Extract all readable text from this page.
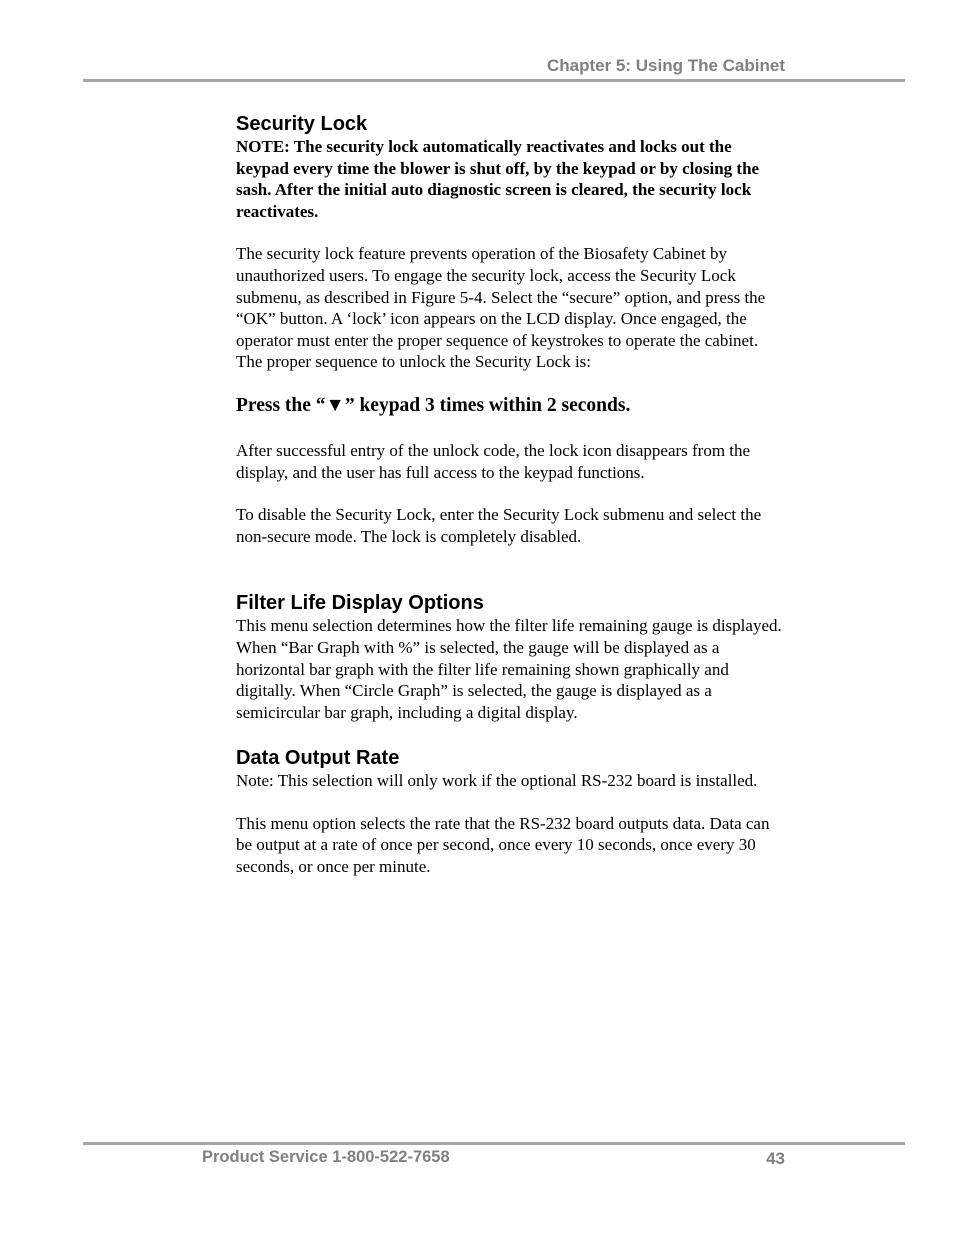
Chapter 5: Using The Cabinet
Security Lock

NOTE: The security lock automatically reactivates and locks out the keypad every time the blower is shut off, by the keypad or by closing the sash. After the initial auto diagnostic screen is cleared, the security lock reactivates.

The security lock feature prevents operation of the Biosafety Cabinet by unauthorized users. To engage the security lock, access the Security Lock submenu, as described in Figure 5-4. Select the “secure” option, and press the “OK” button. A ‘lock’ icon appears on the LCD display. Once engaged, the operator must enter the proper sequence of keystrokes to operate the cabinet. The proper sequence to unlock the Security Lock is:

Press the “▼” keypad 3 times within 2 seconds.

After successful entry of the unlock code, the lock icon disappears from the display, and the user has full access to the keypad functions.

To disable the Security Lock, enter the Security Lock submenu and select the non-secure mode. The lock is completely disabled.

Filter Life Display Options

This menu selection determines how the filter life remaining gauge is displayed. When “Bar Graph with %” is selected, the gauge will be displayed as a horizontal bar graph with the filter life remaining shown graphically and digitally. When “Circle Graph” is selected, the gauge is displayed as a semicircular bar graph, including a digital display.

Data Output Rate

Note: This selection will only work if the optional RS-232 board is installed.

This menu option selects the rate that the RS-232 board outputs data. Data can be output at a rate of once per second, once every 10 seconds, once every 30 seconds, or once per minute.

Product Service 1-800-522-7658	43
